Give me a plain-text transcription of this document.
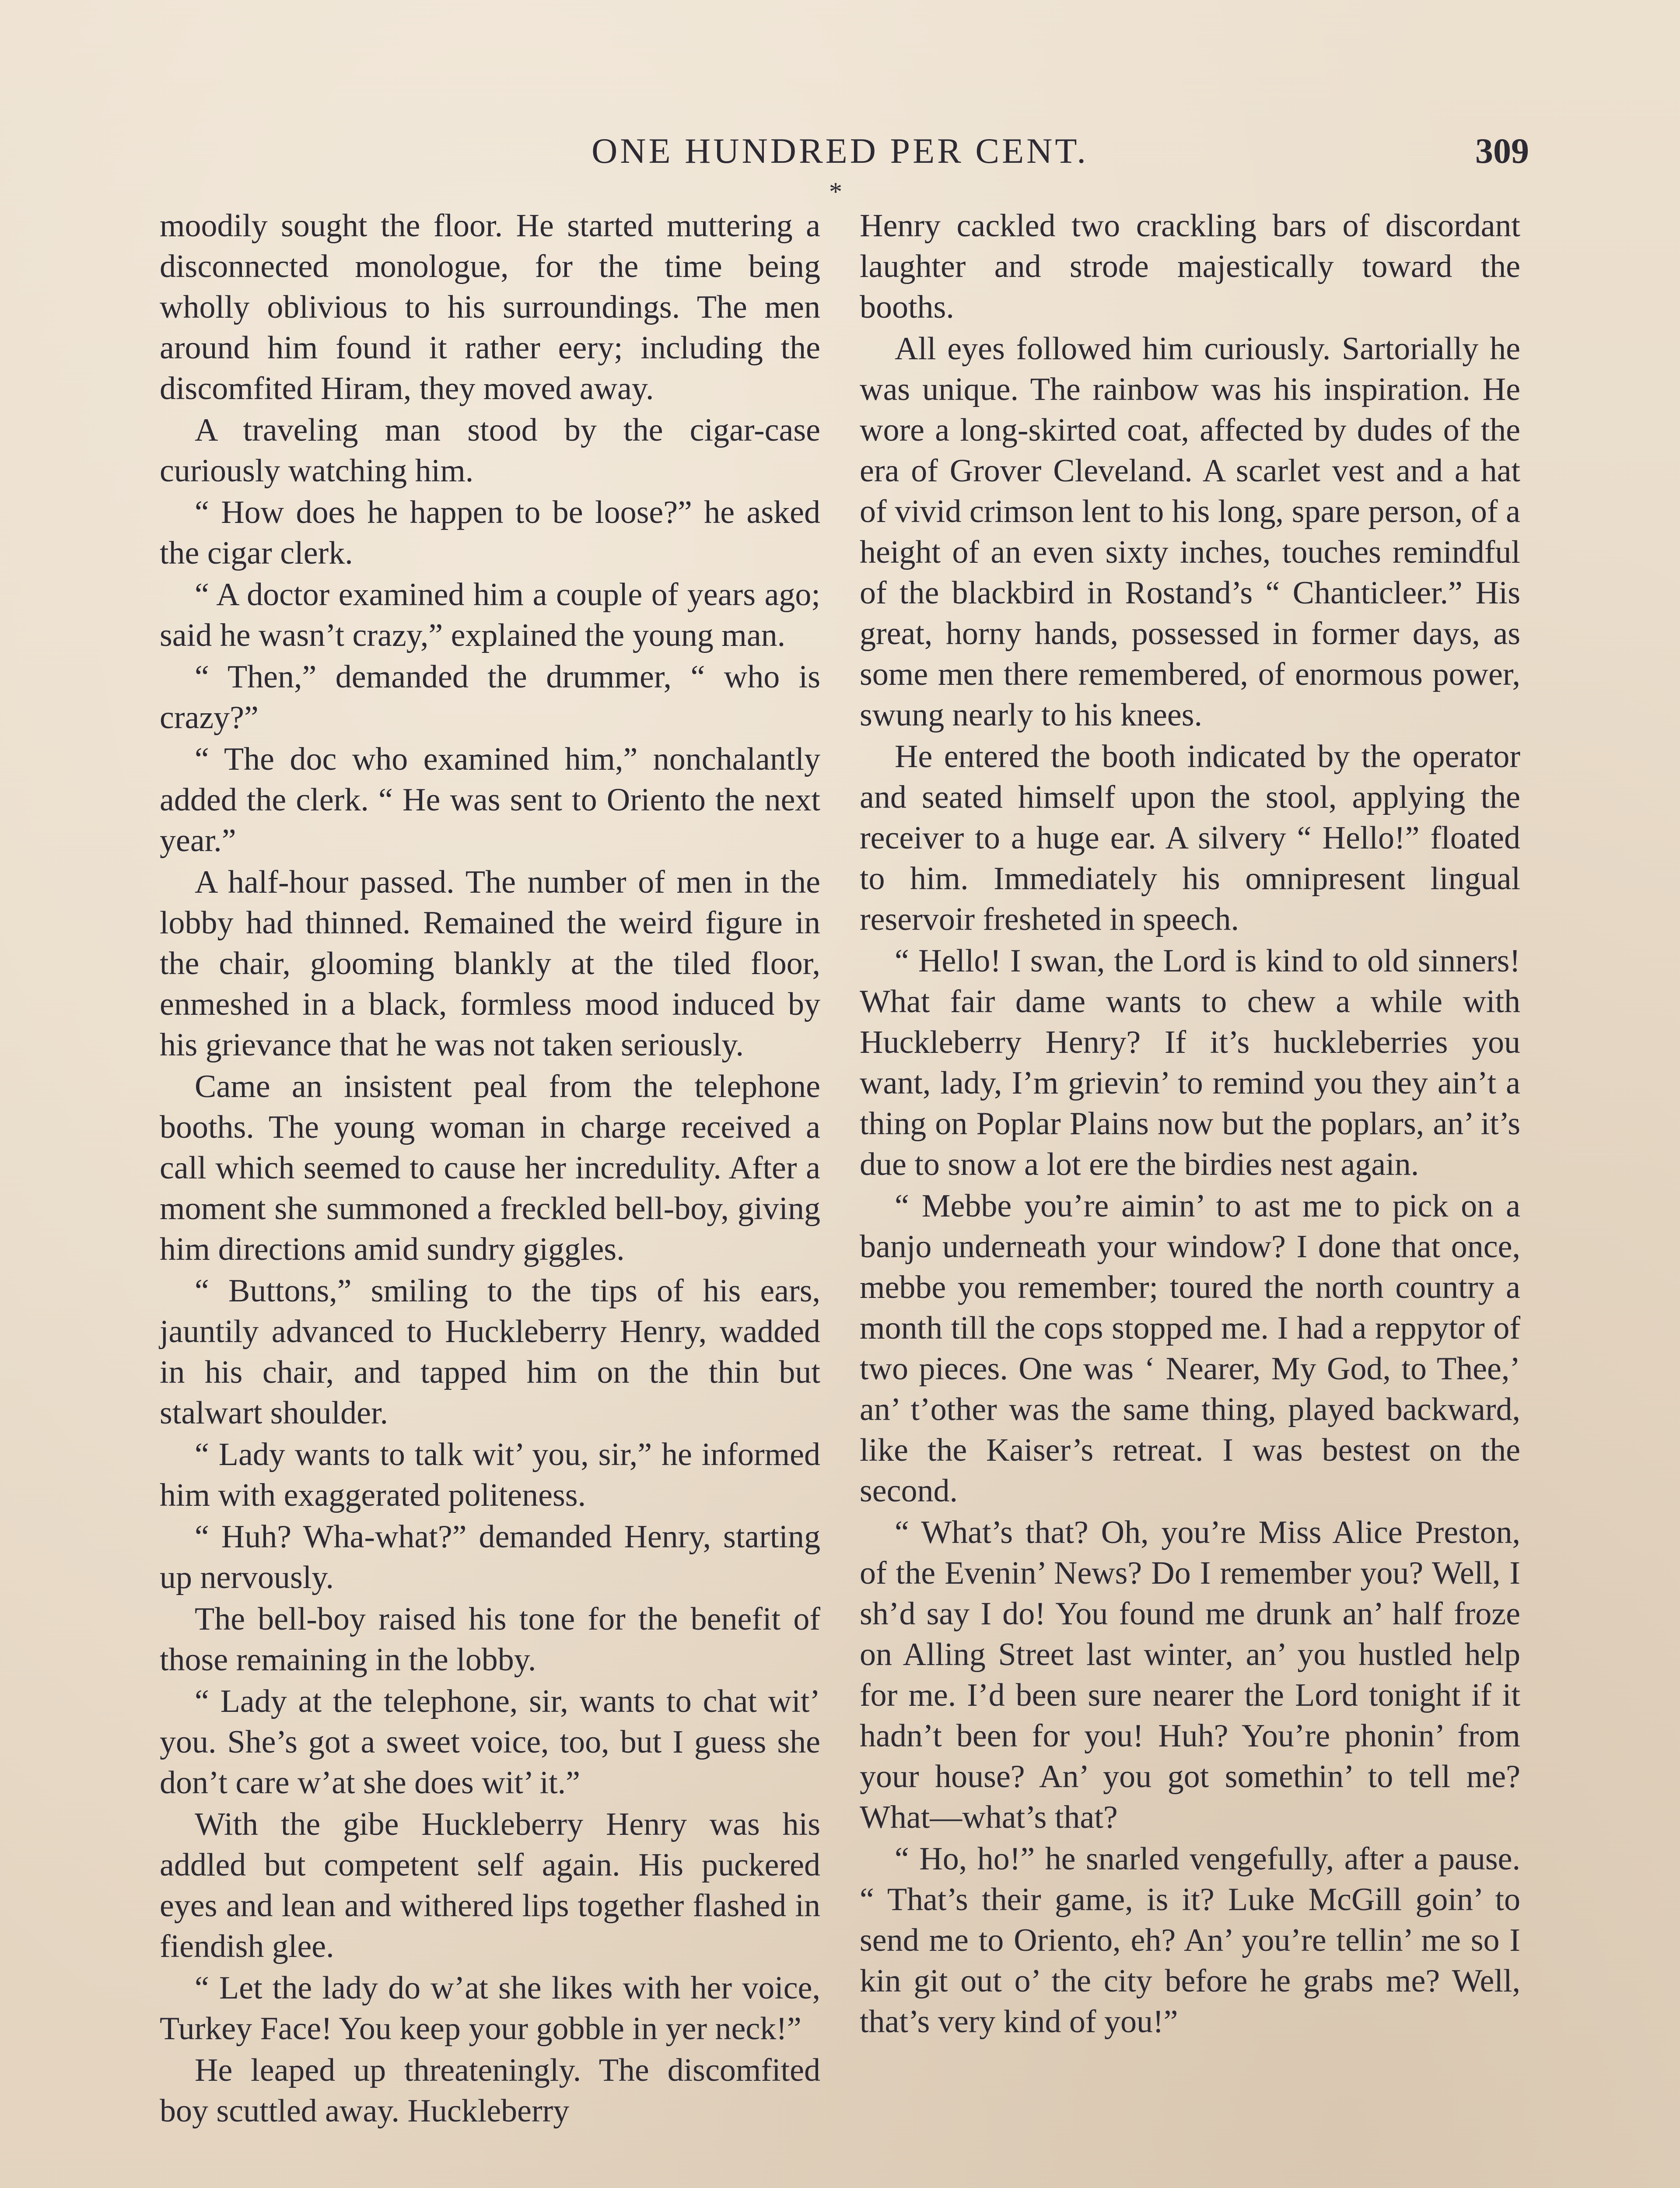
ONE HUNDRED PER CENT.	309
*

moodily sought the floor. He started muttering a disconnected monologue, for the time being wholly oblivious to his surroundings. The men around him found it rather eery; including the discomfited Hiram, they moved away.

A traveling man stood by the cigar-case curiously watching him.

“ How does he happen to be loose?” he asked the cigar clerk.

“ A doctor examined him a couple of years ago; said he wasn’t crazy,” explained the young man.

“ Then,” demanded the drummer, “ who is crazy?”

“ The doc who examined him,” nonchalantly added the clerk. “ He was sent to Oriento the next year.”

A half-hour passed. The number of men in the lobby had thinned. Remained the weird figure in the chair, glooming blankly at the tiled floor, enmeshed in a black, formless mood induced by his grievance that he was not taken seriously.

Came an insistent peal from the telephone booths. The young woman in charge received a call which seemed to cause her incredulity. After a moment she summoned a freckled bell-boy, giving him directions amid sundry giggles.

“ Buttons,” smiling to the tips of his ears, jauntily advanced to Huckleberry Henry, wadded in his chair, and tapped him on the thin but stalwart shoulder.

“ Lady wants to talk wit’ you, sir,” he informed him with exaggerated politeness.

“ Huh? Wha-what?” demanded Henry, starting up nervously.

The bell-boy raised his tone for the benefit of those remaining in the lobby.

“ Lady at the telephone, sir, wants to chat wit’ you. She’s got a sweet voice, too, but I guess she don’t care w’at she does wit’ it.”

With the gibe Huckleberry Henry was his addled but competent self again. His puckered eyes and lean and withered lips together flashed in fiendish glee.

“ Let the lady do w’at she likes with her voice, Turkey Face! You keep your gobble in yer neck!”

He leaped up threateningly. The discomfited boy scuttled away. Huckleberry

Henry cackled two crackling bars of discordant laughter and strode majestically toward the booths.

All eyes followed him curiously. Sartorially he was unique. The rainbow was his inspiration. He wore a long-skirted coat, affected by dudes of the era of Grover Cleveland. A scarlet vest and a hat of vivid crimson lent to his long, spare person, of a height of an even sixty inches, touches remindful of the blackbird in Rostand’s “ Chanticleer.” His great, horny hands, possessed in former days, as some men there remembered, of enormous power, swung nearly to his knees.

He entered the booth indicated by the operator and seated himself upon the stool, applying the receiver to a huge ear. A silvery “ Hello!” floated to him. Immediately his omnipresent lingual reservoir fresheted in speech.

“ Hello! I swan, the Lord is kind to old sinners! What fair dame wants to chew a while with Huckleberry Henry? If it’s huckleberries you want, lady, I’m grievin’ to remind you they ain’t a thing on Poplar Plains now but the poplars, an’ it’s due to snow a lot ere the birdies nest again.

“ Mebbe you’re aimin’ to ast me to pick on a banjo underneath your window? I done that once, mebbe you remember; toured the north country a month till the cops stopped me. I had a reppytor of two pieces. One was ‘ Nearer, My God, to Thee,’ an’ t’other was the same thing, played backward, like the Kaiser’s retreat. I was bestest on the second.

“ What’s that? Oh, you’re Miss Alice Preston, of the Evenin’ News? Do I remember you? Well, I sh’d say I do! You found me drunk an’ half froze on Alling Street last winter, an’ you hustled help for me. I’d been sure nearer the Lord tonight if it hadn’t been for you! Huh? You’re phonin’ from your house? An’ you got somethin’ to tell me? What—what’s that?

“ Ho, ho!” he snarled vengefully, after a pause. “ That’s their game, is it? Luke McGill goin’ to send me to Oriento, eh? An’ you’re tellin’ me so I kin git out o’ the city before he grabs me? Well, that’s very kind of you!”
